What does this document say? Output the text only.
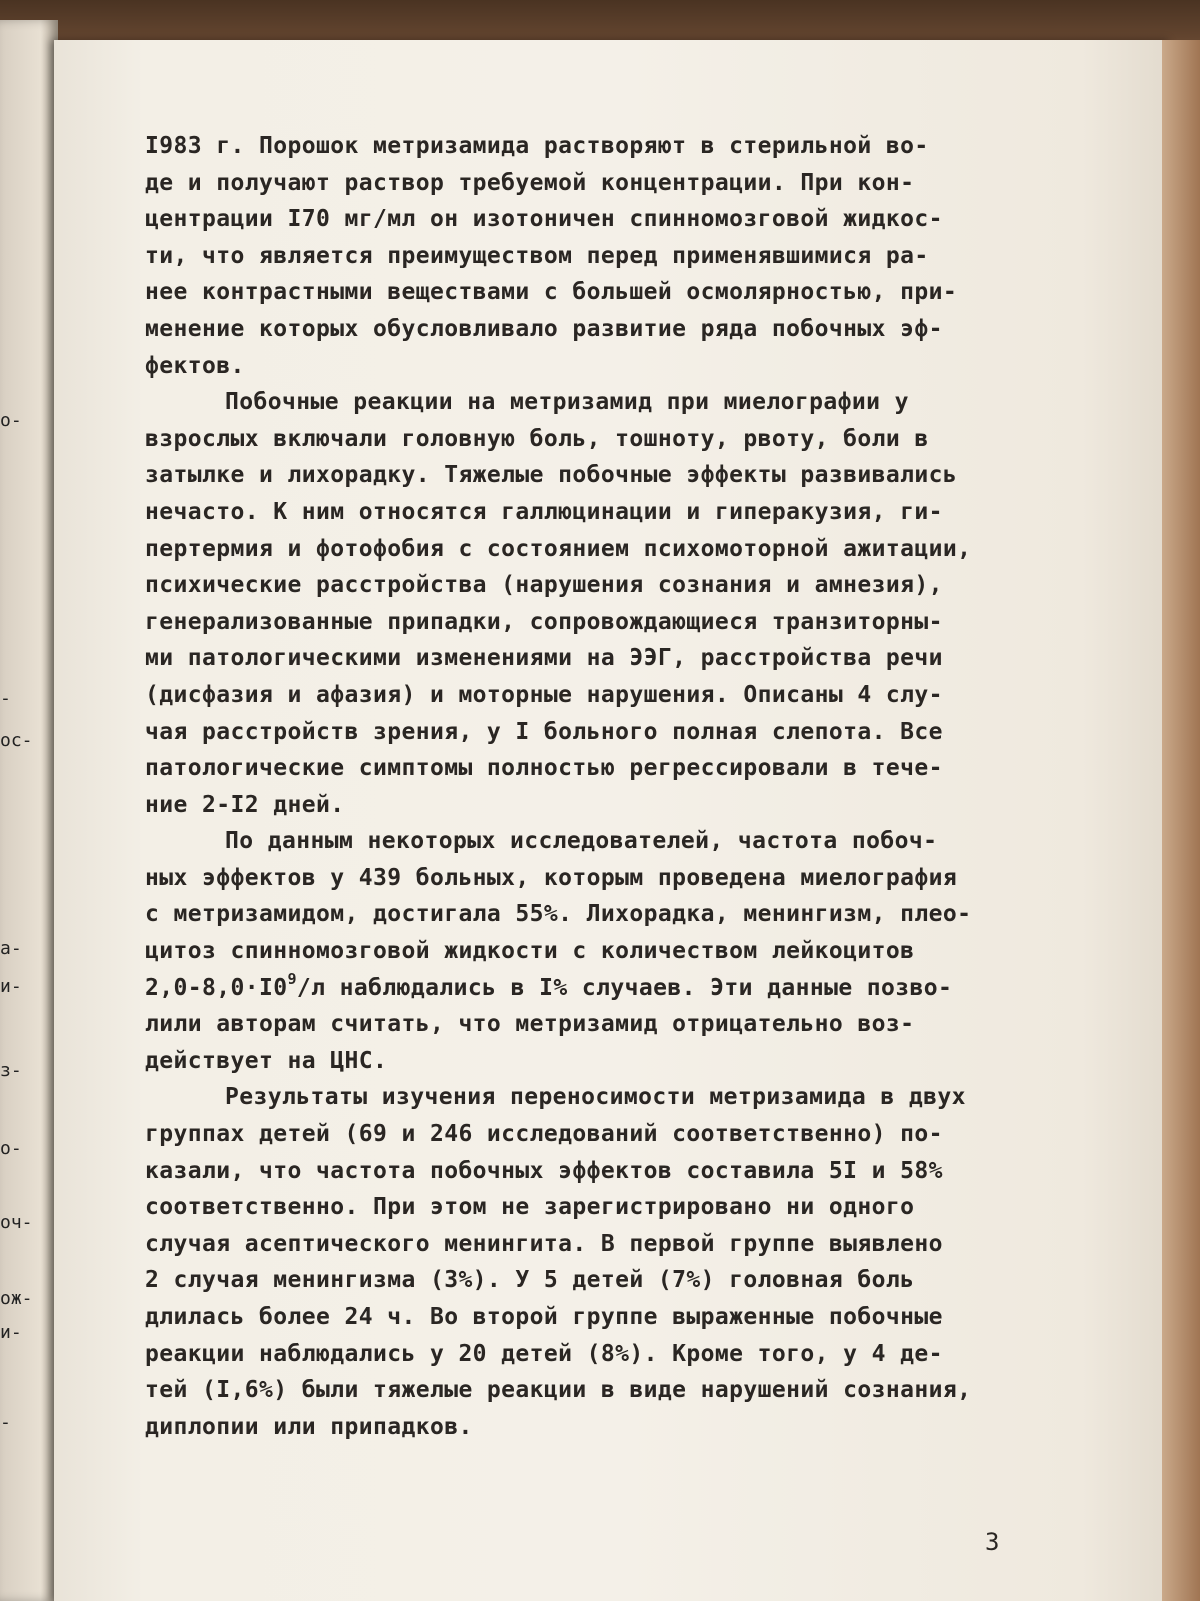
о-
-
ос-
а-
и-
з-
о-
оч-
ож-
и-
-
I983 г. Порошок метризамида растворяют в стерильной во-
де и получают раствор требуемой концентрации. При кон-
центрации I70 мг/мл он изотоничен спинномозговой жидкос-
ти, что является преимуществом перед применявшимися ра-
нее контрастными веществами с большей осмолярностью, при-
менение которых обусловливало развитие ряда побочных эф-
фектов.
Побочные реакции на метризамид при миелографии у
взрослых включали головную боль, тошноту, рвоту, боли в
затылке и лихорадку. Тяжелые побочные эффекты развивались
нечасто. К ним относятся галлюцинации и гиперакузия, ги-
пертермия и фотофобия с состоянием психомоторной ажитации,
психические расстройства (нарушения сознания и амнезия),
генерализованные припадки, сопровождающиеся транзиторны-
ми патологическими изменениями на ЭЭГ, расстройства речи
(дисфазия и афазия) и моторные нарушения. Описаны 4 слу-
чая расстройств зрения, у I больного полная слепота. Все
патологические симптомы полностью регрессировали в тече-
ние 2-I2 дней.
По данным некоторых исследователей, частота побоч-
ных эффектов у 439 больных, которым проведена миелография
с метризамидом, достигала 55%. Лихорадка, менингизм, плео-
цитоз спинномозговой жидкости с количеством лейкоцитов
$2,0-8,0\cdot I0^9/л$ наблюдались в I% случаев. Эти данные позво-
лили авторам считать, что метризамид отрицательно воз-
действует на ЦНС.
Результаты изучения переносимости метризамида в двух
группах детей (69 и 246 исследований соответственно) по-
казали, что частота побочных эффектов составила 5I и 58%
соответственно. При этом не зарегистрировано ни одного
случая асептического менингита. В первой группе выявлено
2 случая менингизма (3%). У 5 детей (7%) головная боль
длилась более 24 ч. Во второй группе выраженные побочные
реакции наблюдались у 20 детей (8%). Кроме того, у 4 де-
тей (I,6%) были тяжелые реакции в виде нарушений сознания,
диплопии или припадков.
3
